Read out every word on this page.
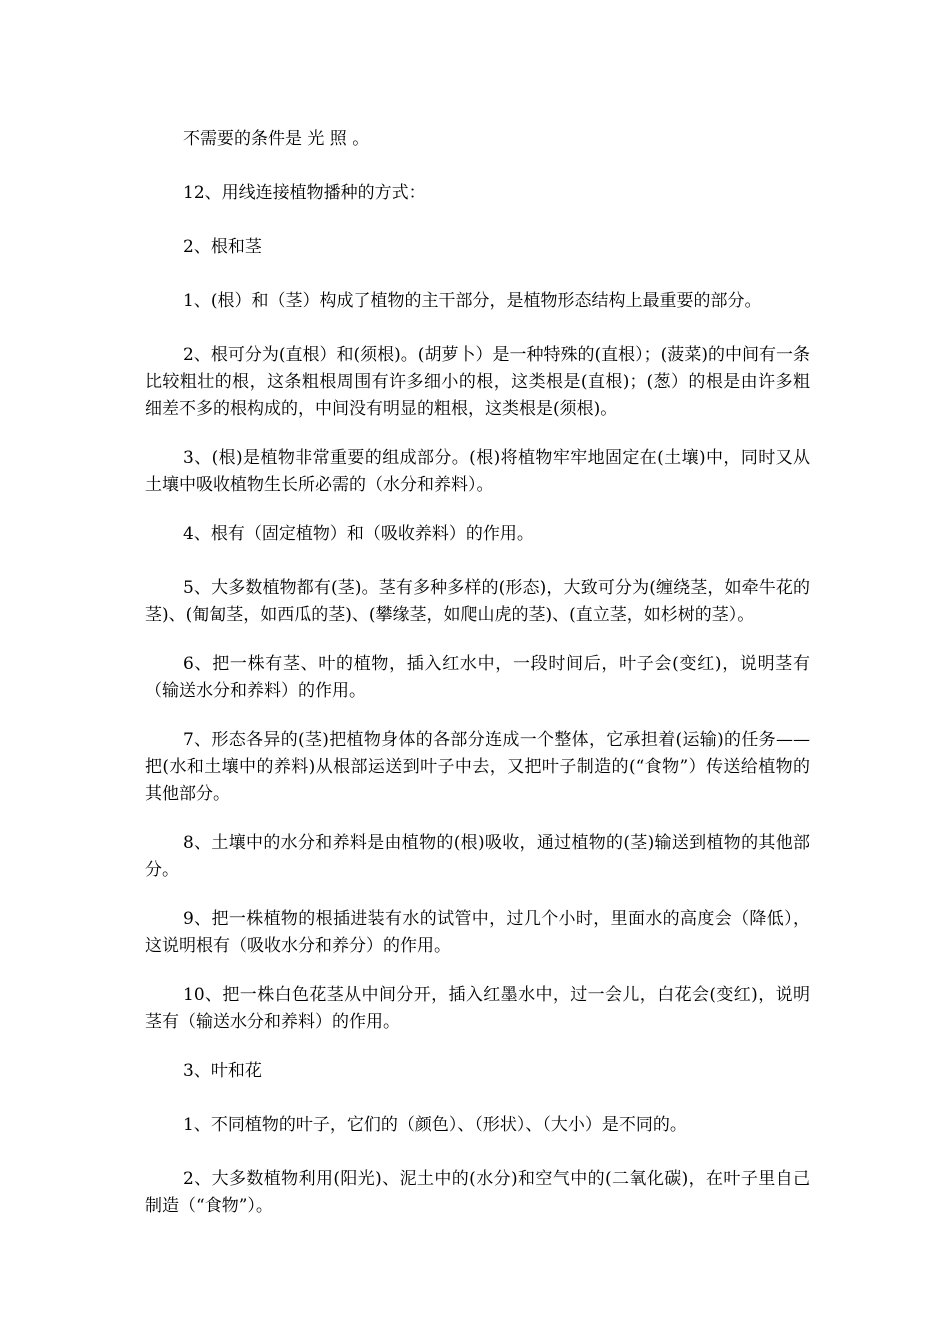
不需要的条件是 光 照 。

12、用线连接植物播种的方式：

2、根和茎

1、(根）和（茎）构成了植物的主干部分，是植物形态结构上最重要的部分。

2、根可分为(直根）和(须根)。(胡萝卜）是一种特殊的(直根）；(菠菜)的中间有一条比较粗壮的根，这条粗根周围有许多细小的根，这类根是(直根)；(葱）的根是由许多粗细差不多的根构成的，中间没有明显的粗根，这类根是(须根)。

3、(根)是植物非常重要的组成部分。(根)将植物牢牢地固定在(土壤)中，同时又从土壤中吸收植物生长所必需的（水分和养料）。

4、根有（固定植物）和（吸收养料）的作用。

5、大多数植物都有(茎)。茎有多种多样的(形态)，大致可分为(缠绕茎，如牵牛花的茎)、(匍匐茎，如西瓜的茎)、(攀缘茎，如爬山虎的茎)、(直立茎，如杉树的茎）。

6、把一株有茎、叶的植物，插入红水中，一段时间后，叶子会(变红)，说明茎有（输送水分和养料）的作用。

7、形态各异的(茎)把植物身体的各部分连成一个整体，它承担着(运输)的任务——把(水和土壤中的养料)从根部运送到叶子中去，又把叶子制造的(“食物”）传送给植物的其他部分。

8、土壤中的水分和养料是由植物的(根)吸收，通过植物的(茎)输送到植物的其他部分。

9、把一株植物的根插进装有水的试管中，过几个小时，里面水的高度会（降低），这说明根有（吸收水分和养分）的作用。

10、把一株白色花茎从中间分开，插入红墨水中，过一会儿，白花会(变红)，说明茎有（输送水分和养料）的作用。

3、叶和花

1、不同植物的叶子，它们的（颜色）、（形状）、（大小）是不同的。

2、大多数植物利用(阳光)、泥土中的(水分)和空气中的(二氧化碳)，在叶子里自己制造（“食物”）。
